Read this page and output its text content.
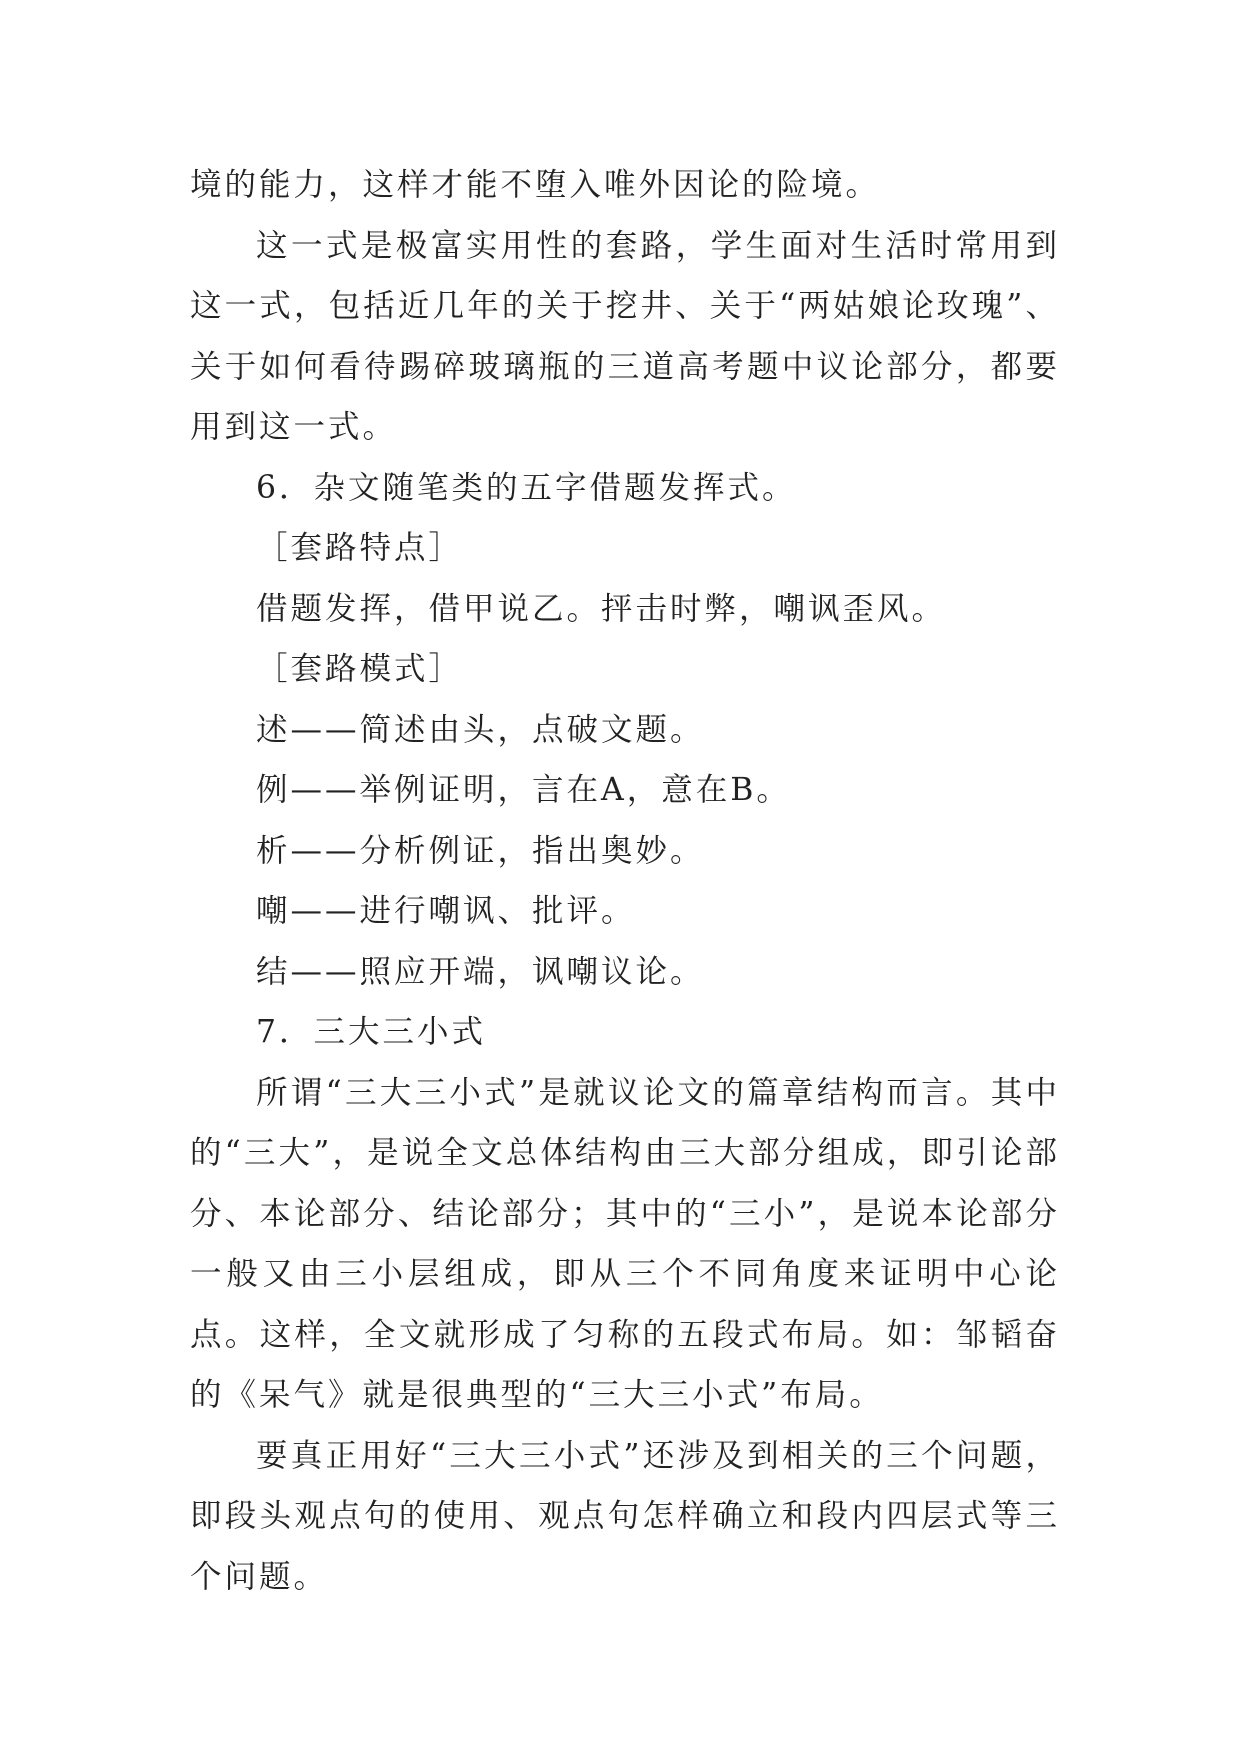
境的能力，这样才能不堕入唯外因论的险境。

这一式是极富实用性的套路，学生面对生活时常用到这一式，包括近几年的关于挖井、关于“两姑娘论玫瑰”、关于如何看待踢碎玻璃瓶的三道高考题中议论部分，都要用到这一式。

6．杂文随笔类的五字借题发挥式。

［套路特点］

借题发挥，借甲说乙。抨击时弊，嘲讽歪风。

［套路模式］

述——简述由头，点破文题。

例——举例证明，言在A，意在B。

析——分析例证，指出奥妙。

嘲——进行嘲讽、批评。

结——照应开端，讽嘲议论。

7．三大三小式

所谓“三大三小式”是就议论文的篇章结构而言。其中的“三大”，是说全文总体结构由三大部分组成，即引论部分、本论部分、结论部分；其中的“三小”，是说本论部分一般又由三小层组成，即从三个不同角度来证明中心论点。这样，全文就形成了匀称的五段式布局。如：邹韬奋的《呆气》就是很典型的“三大三小式”布局。

要真正用好“三大三小式”还涉及到相关的三个问题，即段头观点句的使用、观点句怎样确立和段内四层式等三个问题。
